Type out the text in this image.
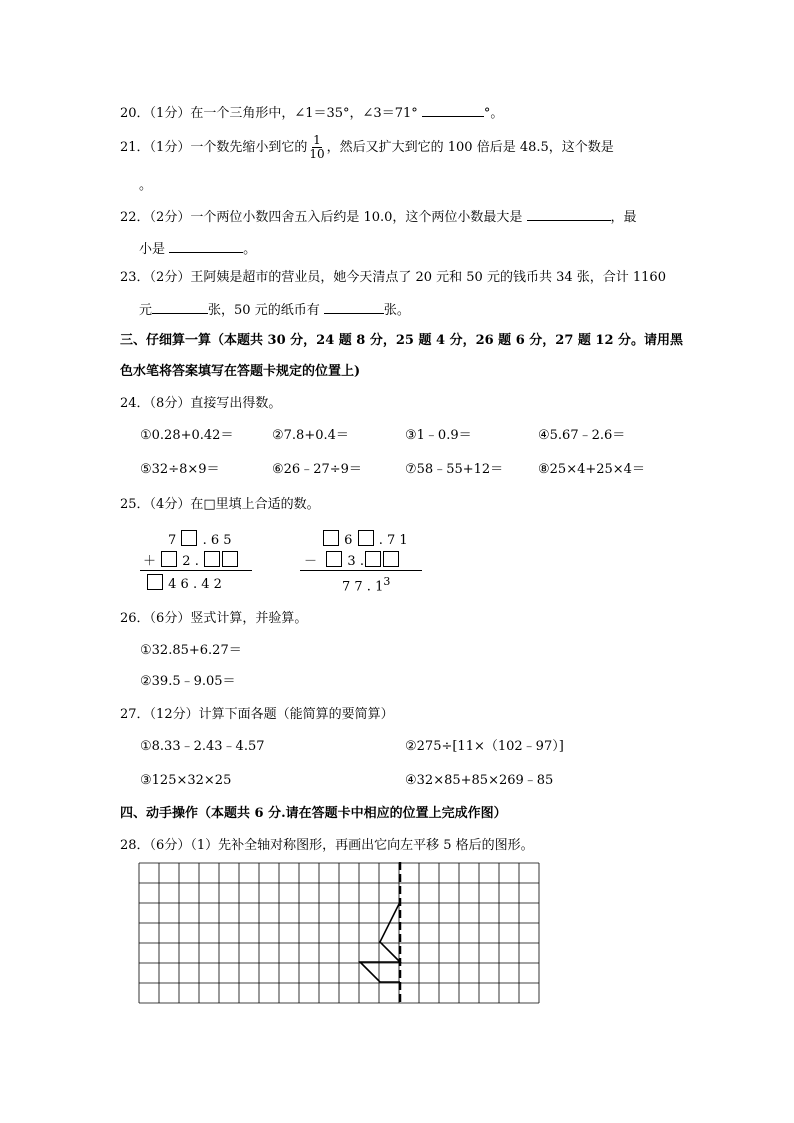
20．（1分）在一个三角形中，∠1＝35°，∠3＝71°	°。
21．（1分）一个数先缩小到它的 $\frac{1}{10}$ ，然后又扩大到它的 100 倍后是 48.5，这个数是
。
22．（2分）一个两位小数四舍五入后约是 10.0，这个两位小数最大是	，最
小是	。
23．（2分）王阿姨是超市的营业员，她今天清点了 20 元和 50 元的钱币共 34 张，合计 1160
元	张，50 元的纸币有	张。
三、仔细算一算（本题共 30 分，24 题 8 分，25 题 4 分，26 题 6 分，27 题 12 分。请用黑
色水笔将答案填写在答题卡规定的位置上)
24．（8分）直接写出得数。
①0.28+0.42＝	②7.8+0.4＝	③1﹣0.9＝	④5.67﹣2.6＝
⑤32÷8×9＝	⑥26﹣27÷9＝	⑦58﹣55+12＝	⑧25×4+25×4＝
25．（4分）在□里填上合适的数。
7 . 6 5
＋ 2 .
4 6 . 4 2
6 . 7 1
－ 3 .
7 7 . $1^3$
26．（6分）竖式计算，并验算。
①32.85+6.27＝
②39.5﹣9.05＝
27．（12分）计算下面各题（能简算的要简算）
①8.33﹣2.43﹣4.57	②275÷[11×（102﹣97）]
③125×32×25	④32×85+85×269﹣85
四、动手操作（本题共 6 分.请在答题卡中相应的位置上完成作图）
28．（6分）（1）先补全轴对称图形，再画出它向左平移 5 格后的图形。
